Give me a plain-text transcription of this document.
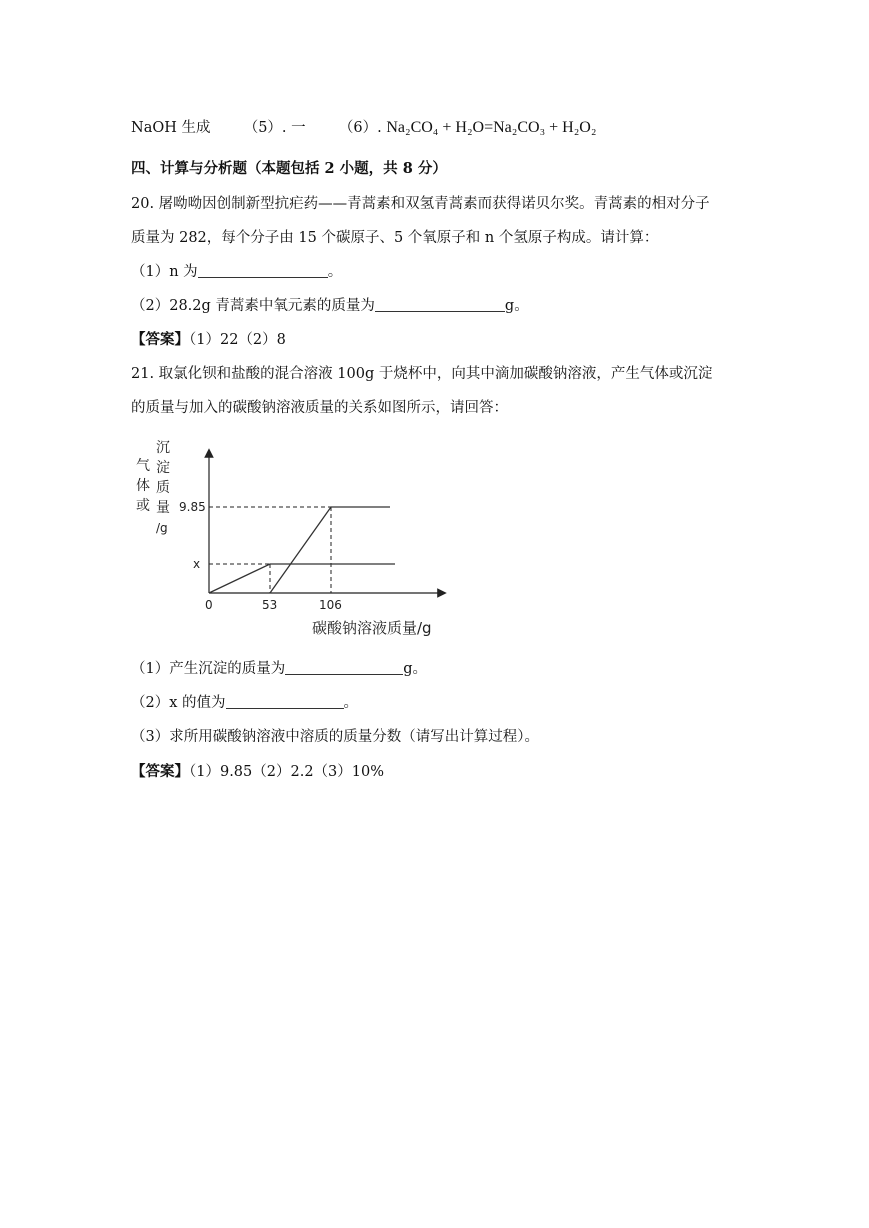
NaOH 生成 （5）. 一 （6）. Na₂CO₄ + H₂O=Na₂CO₃ + H₂O₂
四、计算与分析题（本题包括 2 小题，共 8 分）
20. 屠呦呦因创制新型抗疟药——青蒿素和双氢青蒿素而获得诺贝尔奖。青蒿素的相对分子
质量为 282，每个分子由 15 个碳原子、5 个氧原子和 n 个氢原子构成。请计算：
（1）n 为	。
（2）28.2g 青蒿素中氧元素的质量为	g。
【答案】（1）22（2）8
21. 取氯化钡和盐酸的混合溶液 100g 于烧杯中，向其中滴加碳酸钠溶液，产生气体或沉淀
的质量与加入的碳酸钠溶液质量的关系如图所示，请回答：
气
体
或
沉
淀
质
量
/g
0	53	106
x
9.85
碳酸钠溶液质量/g
（1）产生沉淀的质量为	g。
（2）x 的值为	。
（3）求所用碳酸钠溶液中溶质的质量分数（请写出计算过程）。
【答案】（1）9.85（2）2.2（3）10%
